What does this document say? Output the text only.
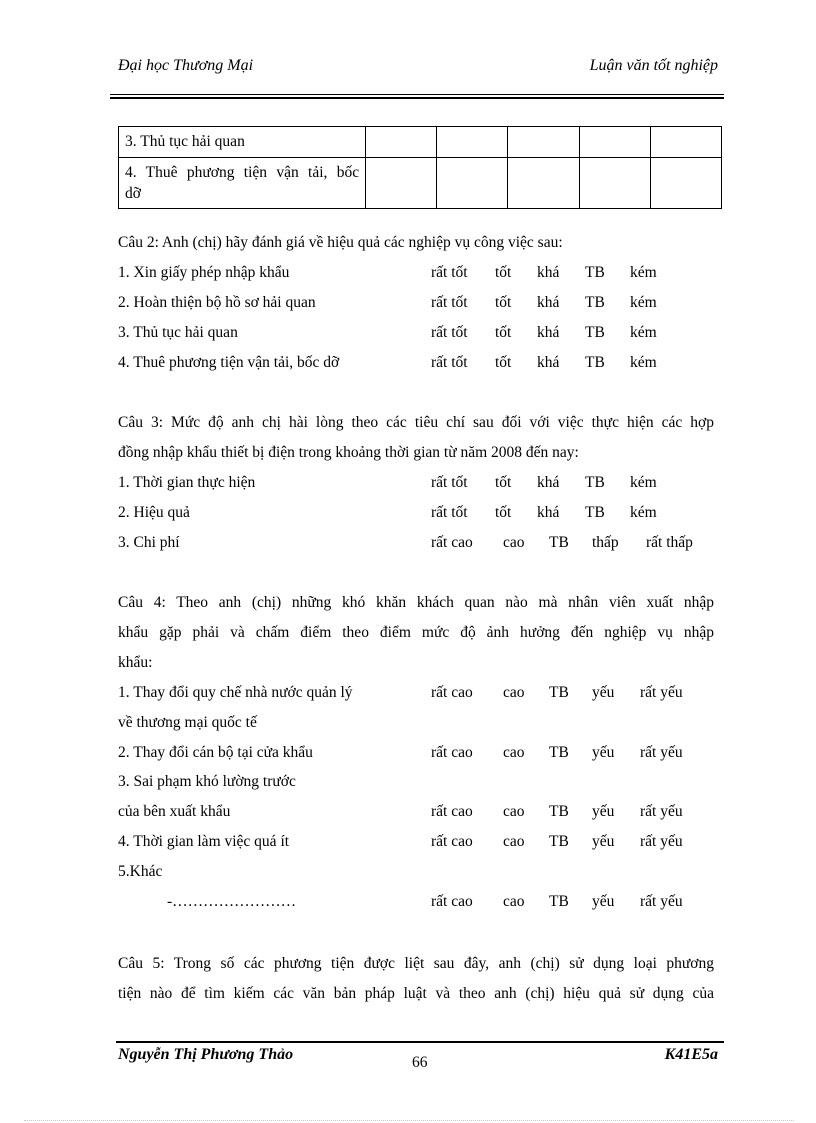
Đại học Thương Mại	Luận văn tốt nghiệp
3. Thủ tục hải quan					

4. Thuê phương tiện vận tải, bốc
dỡ					

Câu 2: Anh (chị) hãy đánh giá về hiệu quả các nghiệp vụ công việc sau:
1. Xin giấy phép nhập khẩu	rất tốt tốt khá TB kém
2. Hoàn thiện bộ hồ sơ hải quan	rất tốt tốt khá TB kém
3. Thủ tục hải quan	rất tốt tốt khá TB kém
4. Thuê phương tiện vận tải, bốc dỡ	rất tốt tốt khá TB kém
Câu 3: Mức độ anh chị hài lòng theo các tiêu chí sau đối với việc thực hiện các hợp
đồng nhập khẩu thiết bị điện trong khoảng thời gian từ năm 2008 đến nay:
1. Thời gian thực hiện	rất tốt tốt khá TB kém
2. Hiệu quả	rất tốt tốt khá TB kém
3. Chi phí	rất cao cao TB thấp rất thấp
Câu 4: Theo anh (chị) những khó khăn khách quan nào mà nhân viên xuất nhập
khẩu gặp phải và chấm điểm theo điểm mức độ ảnh hưởng đến nghiệp vụ nhập
khẩu:
1. Thay đổi quy chế nhà nước quản lý	rất cao cao TB yếu rất yếu
về thương mại quốc tế
2. Thay đổi cán bộ tại cửa khẩu	rất cao cao TB yếu rất yếu
3. Sai phạm khó lường trước
của bên xuất khẩu	rất cao cao TB yếu rất yếu
4. Thời gian làm việc quá ít	rất cao cao TB yếu rất yếu
5.Khác
-……………………	rất cao cao TB yếu rất yếu
Câu 5: Trong số các phương tiện được liệt sau đây, anh (chị) sử dụng loại phương
tiện nào để tìm kiếm các văn bản pháp luật và theo anh (chị) hiệu quả sử dụng của
Nguyễn Thị Phương Thảo	66	K41E5a
